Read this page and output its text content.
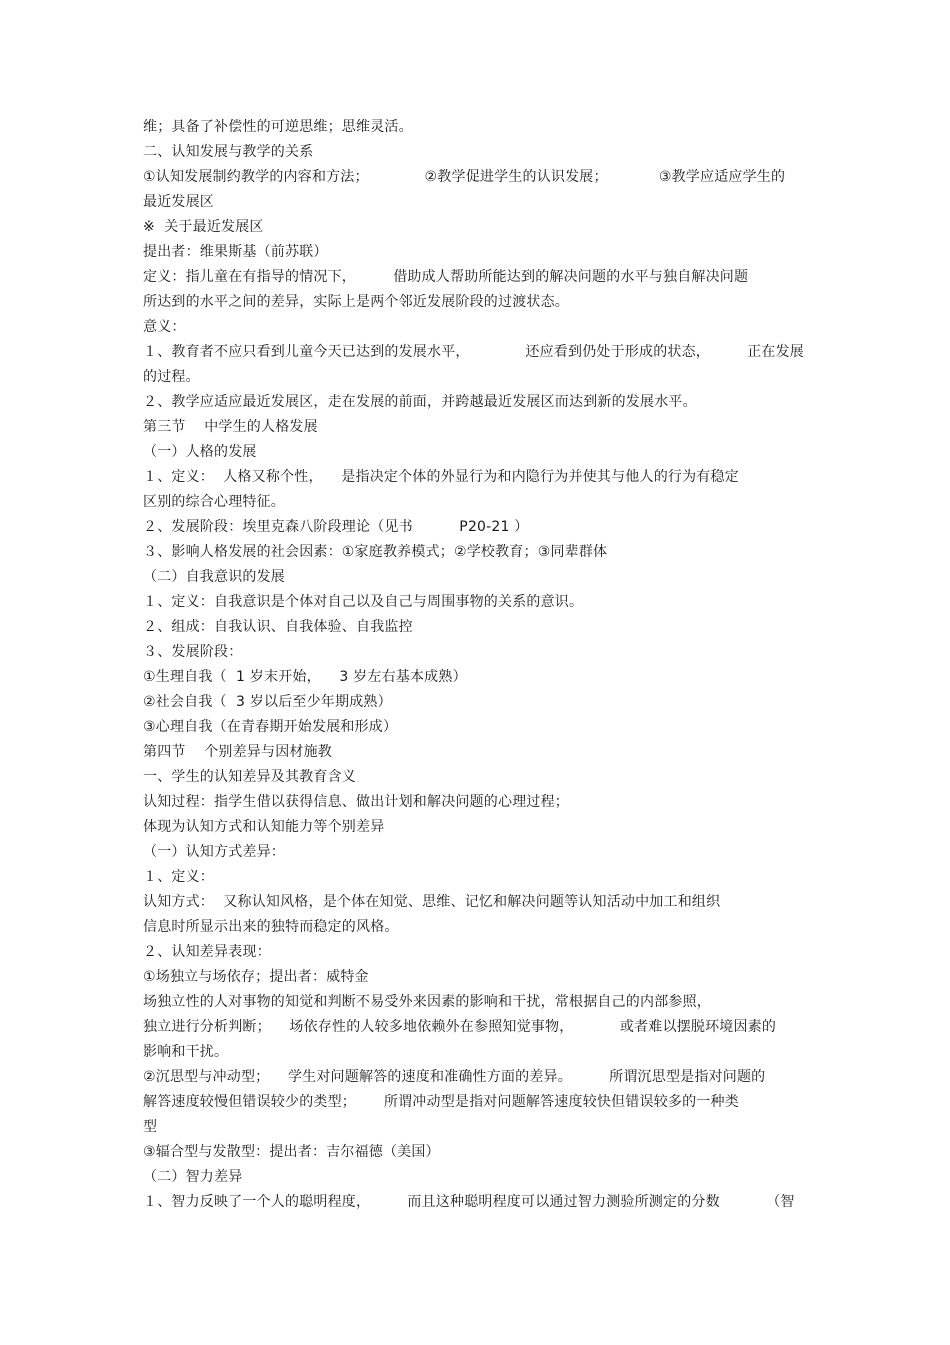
维；具备了补偿性的可逆思维；思维灵活。
二、认知发展与教学的关系
①认知发展制约教学的内容和方法；            ②教学促进学生的认识发展；           ③教学应适应学生的
最近发展区
※  关于最近发展区
提出者：维果斯基（前苏联）
定义：指儿童在有指导的情况下，        借助成人帮助所能达到的解决问题的水平与独自解决问题
所达到的水平之间的差异，实际上是两个邻近发展阶段的过渡状态。
意义：
１、教育者不应只看到儿童今天已达到的发展水平，            还应看到仍处于形成的状态，        正在发展
的过程。
２、教学应适应最近发展区，走在发展的前面，并跨越最近发展区而达到新的发展水平。
第三节    中学生的人格发展
（一）人格的发展
１、定义：  人格又称个性，    是指决定个体的外显行为和内隐行为并使其与他人的行为有稳定
区别的综合心理特征。
２、发展阶段：埃里克森八阶段理论（见书          P20-21 ）
３、影响人格发展的社会因素：①家庭教养模式；②学校教育；③同辈群体
（二）自我意识的发展
１、定义：自我意识是个体对自己以及自己与周围事物的关系的意识。
２、组成：自我认识、自我体验、自我监控
３、发展阶段：
①生理自我（  1 岁末开始，    3 岁左右基本成熟）
②社会自我（  3 岁以后至少年期成熟）
③心理自我（在青春期开始发展和形成）
第四节    个别差异与因材施教
一、学生的认知差异及其教育含义
认知过程：指学生借以获得信息、做出计划和解决问题的心理过程；
体现为认知方式和认知能力等个别差异
（一）认知方式差异：
１、定义：
认知方式：  又称认知风格，是个体在知觉、思维、记忆和解决问题等认知活动中加工和组织
信息时所显示出来的独特而稳定的风格。
２、认知差异表现：
①场独立与场依存；提出者：威特金
场独立性的人对事物的知觉和判断不易受外来因素的影响和干扰，常根据自己的内部参照，
独立进行分析判断；    场依存性的人较多地依赖外在参照知觉事物，          或者难以摆脱环境因素的
影响和干扰。
②沉思型与冲动型；    学生对问题解答的速度和准确性方面的差异。        所谓沉思型是指对问题的
解答速度较慢但错误较少的类型；      所谓冲动型是指对问题解答速度较快但错误较多的一种类
型
③辐合型与发散型：提出者：吉尔福德（美国）
（二）智力差异
１、智力反映了一个人的聪明程度，        而且这种聪明程度可以通过智力测验所测定的分数          （智
